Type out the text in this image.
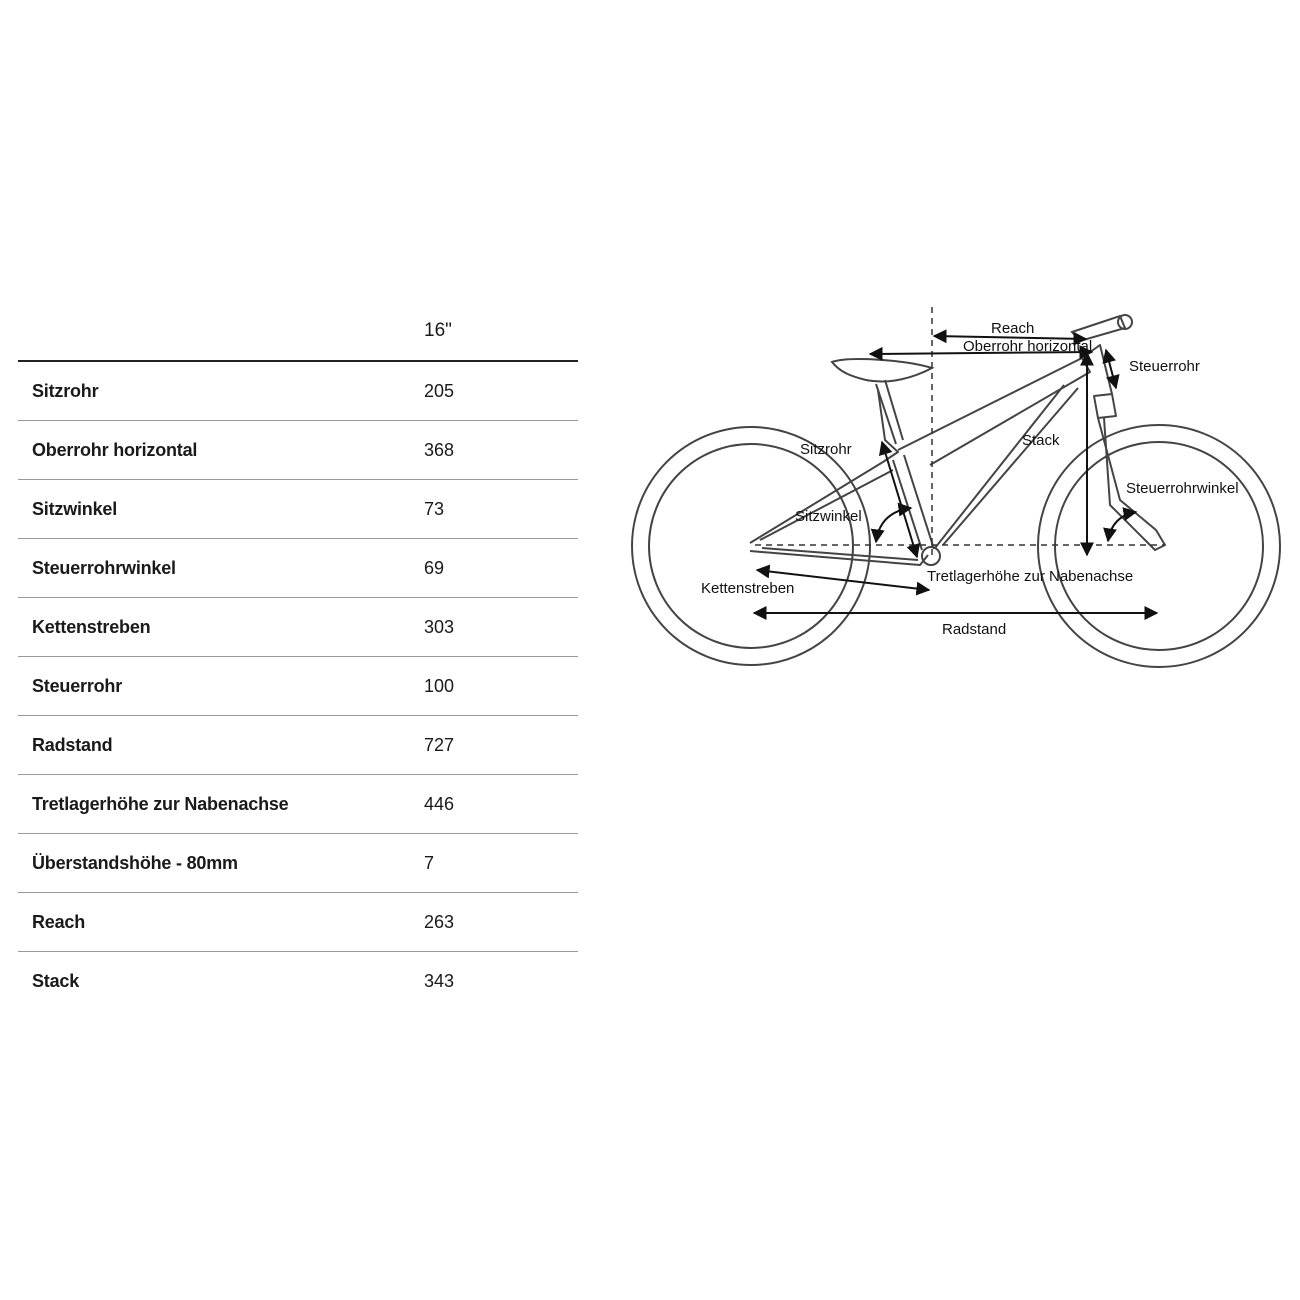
16"
Sitzrohr	205
Oberrohr horizontal	368
Sitzwinkel	73
Steuerrohrwinkel	69
Kettenstreben	303
Steuerrohr	100
Radstand	727
Tretlagerhöhe zur Nabenachse	446
Überstandshöhe - 80mm	7
Reach	263
Stack	343
Reach
Oberrohr horizontal
Steuerrohr
Sitzrohr
Stack
Steuerrohrwinkel
Sitzwinkel
Tretlagerhöhe zur Nabenachse
Kettenstreben
Radstand
